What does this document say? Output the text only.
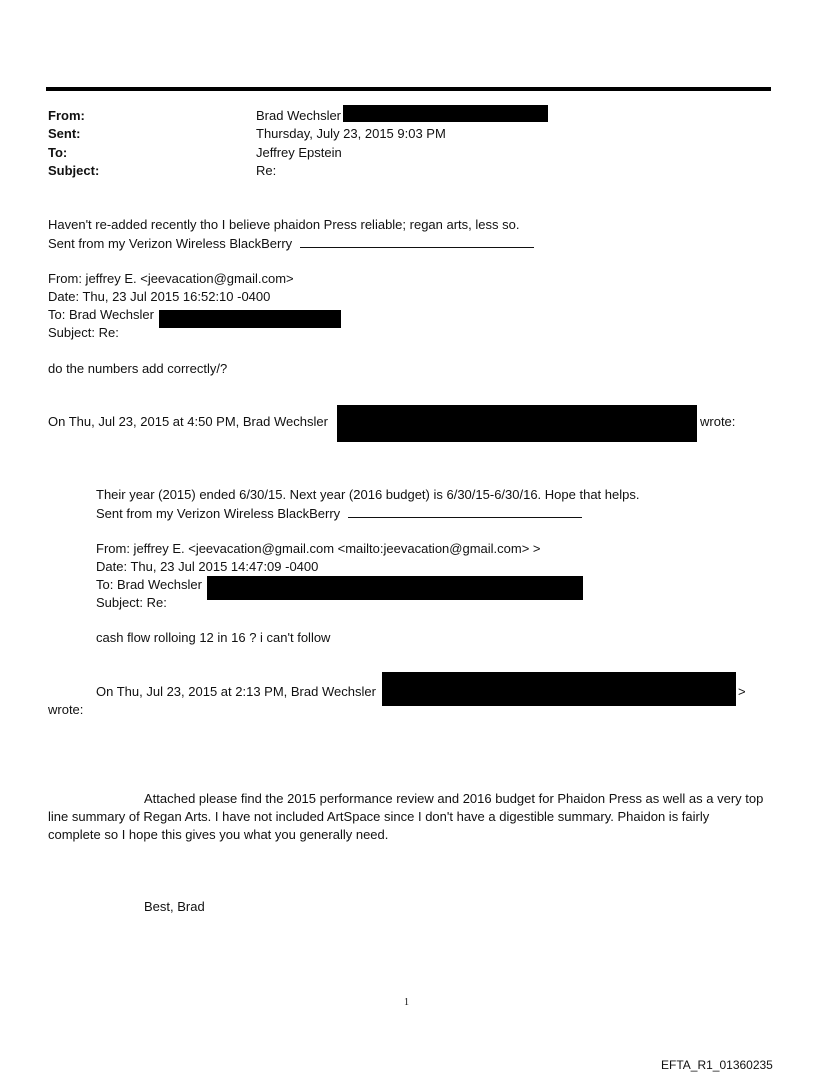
From:	Brad Wechsler
Sent:	Thursday, July 23, 2015 9:03 PM
To:	Jeffrey Epstein
Subject:	Re:
Haven't re-added recently tho I believe phaidon Press reliable; regan arts, less so.
Sent from my Verizon Wireless BlackBerry
From: jeffrey E. <jeevacation@gmail.com>
Date: Thu, 23 Jul 2015 16:52:10 -0400
To: Brad Wechsler
Subject: Re:
do the numbers add correctly/?
On Thu, Jul 23, 2015 at 4:50 PM, Brad Wechsler	wrote:
Their year (2015) ended 6/30/15. Next year (2016 budget) is 6/30/15-6/30/16. Hope that helps.
Sent from my Verizon Wireless BlackBerry
From: jeffrey E. <jeevacation@gmail.com <mailto:jeevacation@gmail.com> >
Date: Thu, 23 Jul 2015 14:47:09 -0400
To: Brad Wechsler
Subject: Re:
cash flow rolloing 12 in 16 ? i can't follow
On Thu, Jul 23, 2015 at 2:13 PM, Brad Wechsler	>
wrote:
Attached please find the 2015 performance review and 2016 budget for Phaidon Press as well as a very top line summary of Regan Arts. I have not included ArtSpace since I don't have a digestible summary. Phaidon is fairly complete so I hope this gives you what you generally need.
Best, Brad
1
EFTA_R1_01360235
